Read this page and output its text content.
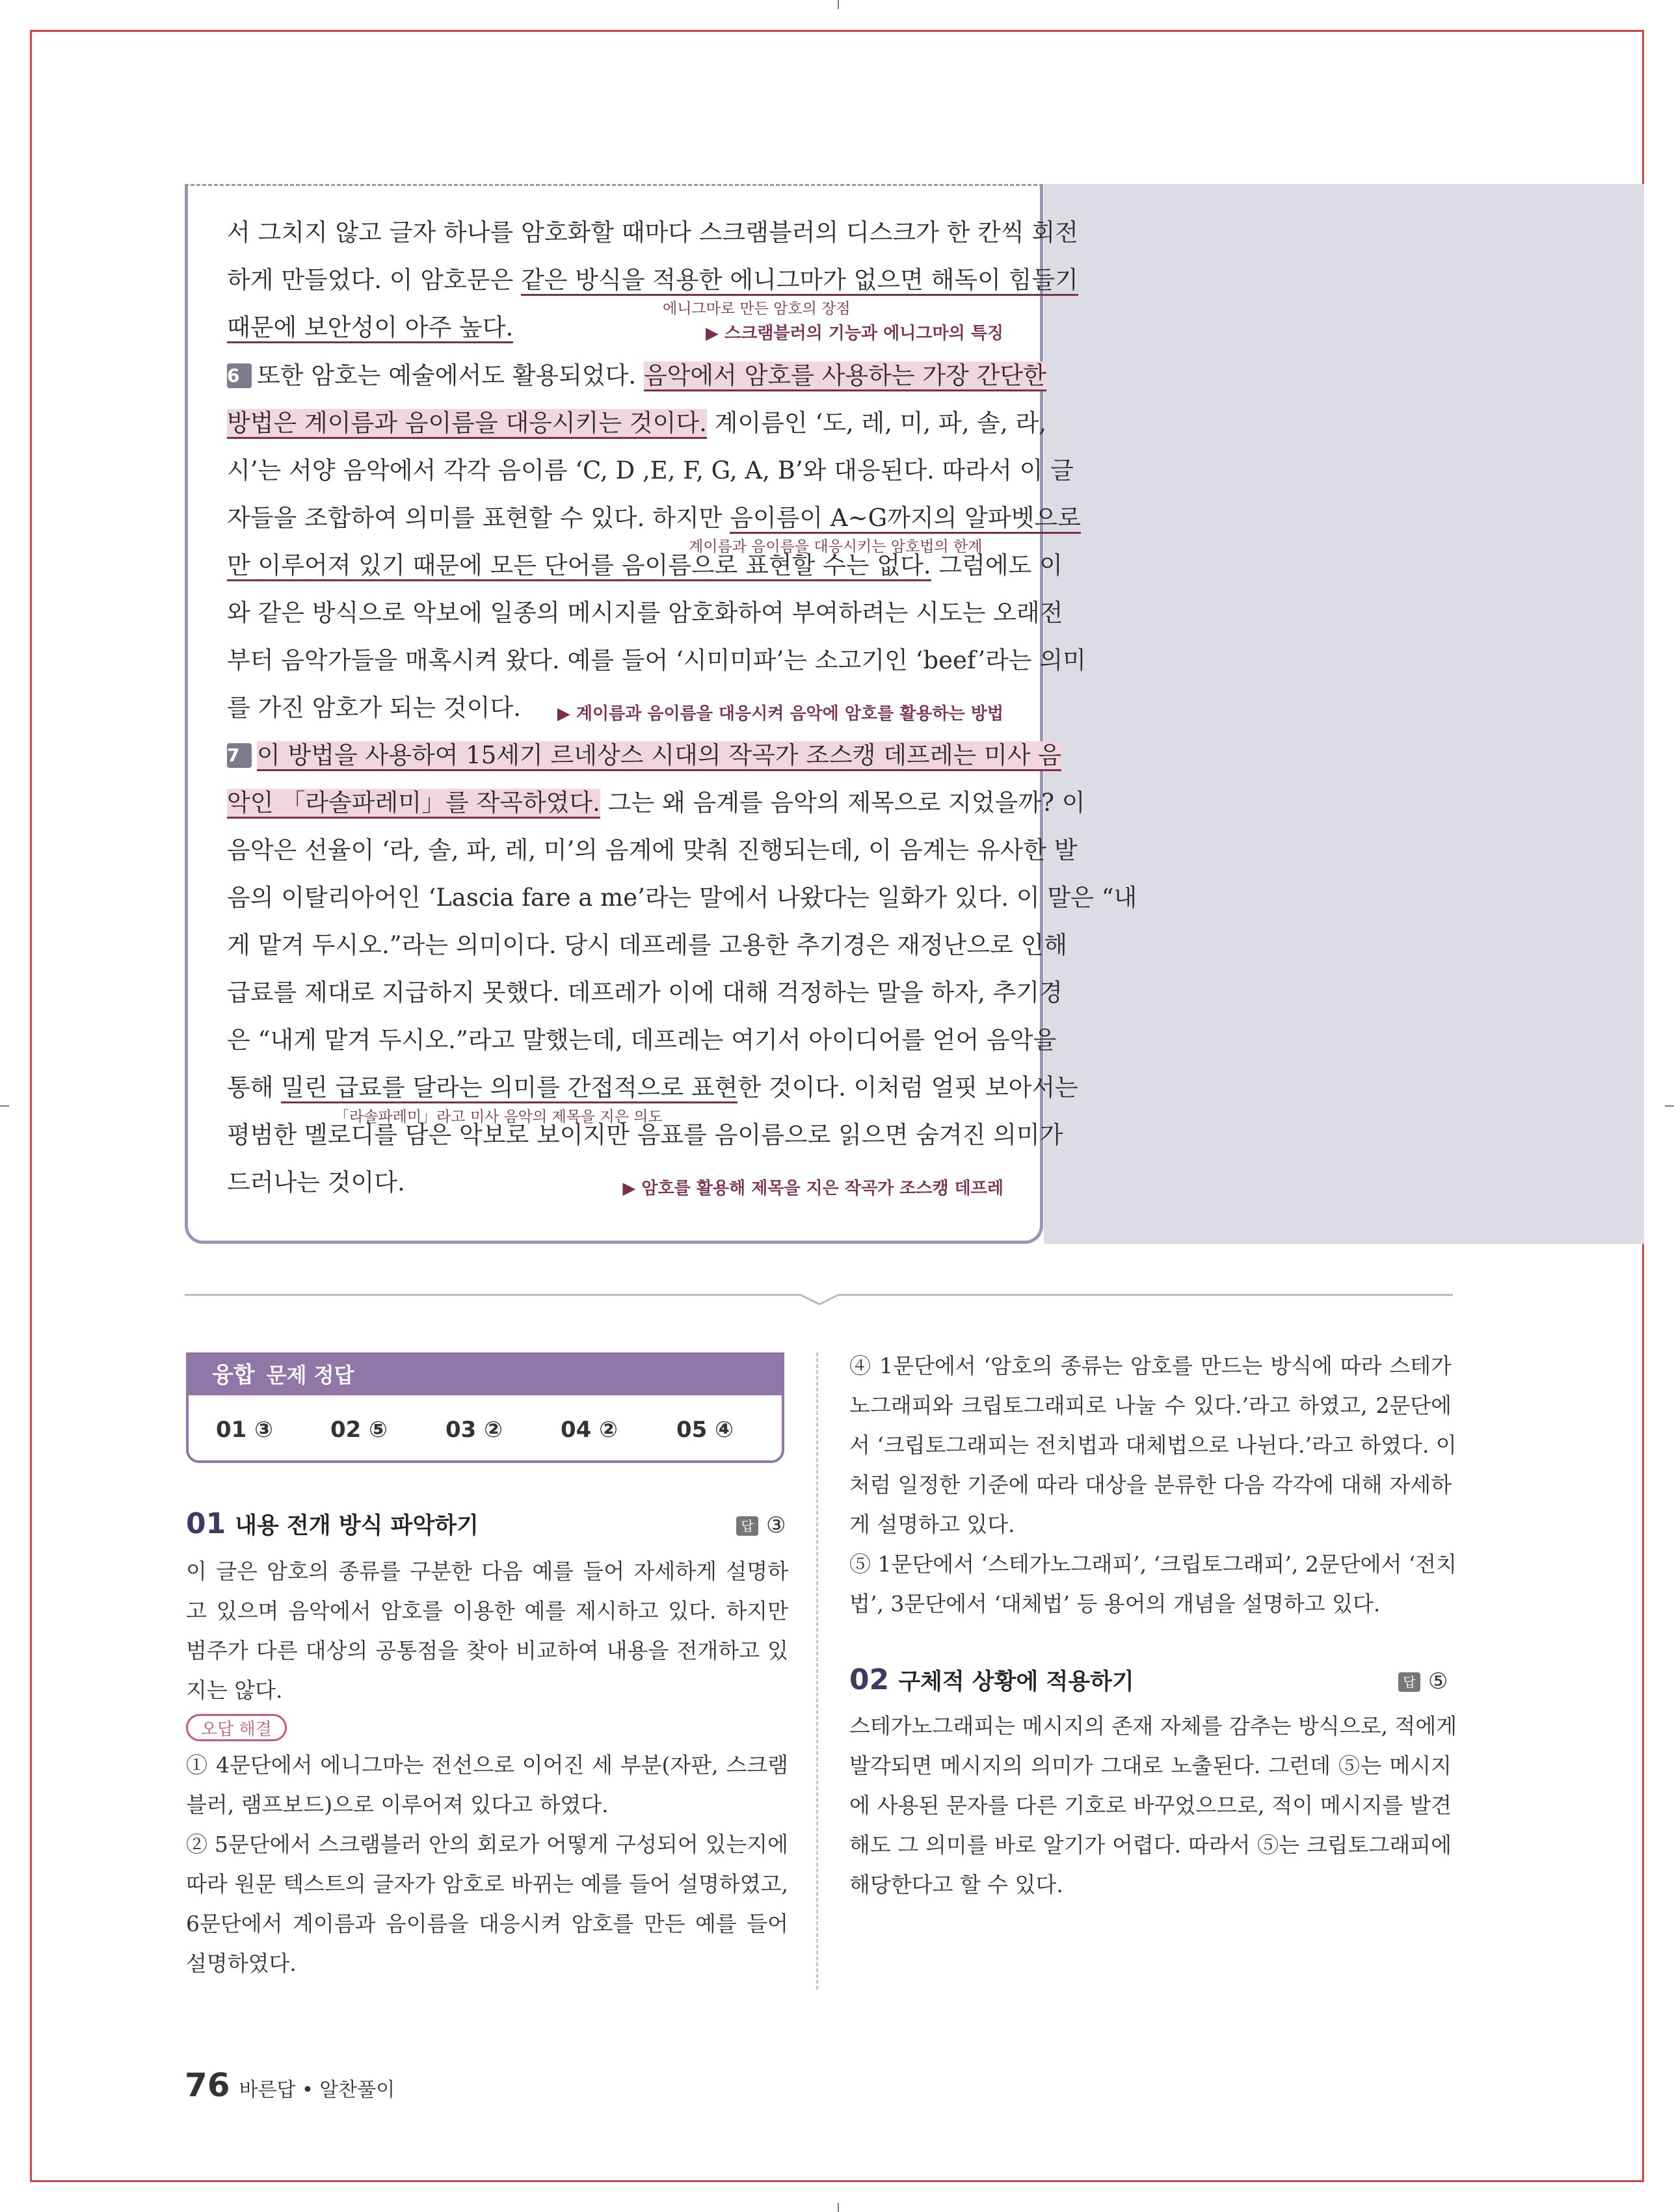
서 그치지 않고 글자 하나를 암호화할 때마다 스크램블러의 디스크가 한 칸씩 회전
하게 만들었다. 이 암호문은 같은 방식을 적용한 에니그마가 없으면 해독이 힘들기
에니그마로 만든 암호의 장점
때문에 보안성이 아주 높다.	▶ 스크램블러의 기능과 에니그마의 특징
6 또한 암호는 예술에서도 활용되었다. 음악에서 암호를 사용하는 가장 간단한
방법은 계이름과 음이름을 대응시키는 것이다. 계이름인 ‘도, 레, 미, 파, 솔, 라,
시’는 서양 음악에서 각각 음이름 ‘C, D ,E, F, G, A, B’와 대응된다. 따라서 이 글
자들을 조합하여 의미를 표현할 수 있다. 하지만 음이름이 A~G까지의 알파벳으로
계이름과 음이름을 대응시키는 암호법의 한계
만 이루어져 있기 때문에 모든 단어를 음이름으로 표현할 수는 없다. 그럼에도 이
와 같은 방식으로 악보에 일종의 메시지를 암호화하여 부여하려는 시도는 오래전
부터 음악가들을 매혹시켜 왔다. 예를 들어 ‘시미미파’는 소고기인 ‘beef’라는 의미
를 가진 암호가 되는 것이다.	▶ 계이름과 음이름을 대응시켜 음악에 암호를 활용하는 방법
7 이 방법을 사용하여 15세기 르네상스 시대의 작곡가 조스캥 데프레는 미사 음
악인 「라솔파레미」를 작곡하였다. 그는 왜 음계를 음악의 제목으로 지었을까? 이
음악은 선율이 ‘라, 솔, 파, 레, 미’의 음계에 맞춰 진행되는데, 이 음계는 유사한 발
음의 이탈리아어인 ‘Lascia fare a me’라는 말에서 나왔다는 일화가 있다. 이 말은 “내
게 맡겨 두시오.”라는 의미이다. 당시 데프레를 고용한 추기경은 재정난으로 인해
급료를 제대로 지급하지 못했다. 데프레가 이에 대해 걱정하는 말을 하자, 추기경
은 “내게 맡겨 두시오.”라고 말했는데, 데프레는 여기서 아이디어를 얻어 음악을
통해 밀린 급료를 달라는 의미를 간접적으로 표현한 것이다. 이처럼 얼핏 보아서는
「라솔파레미」라고 미사 음악의 제목을 지은 의도
평범한 멜로디를 담은 악보로 보이지만 음표를 음이름으로 읽으면 숨겨진 의미가
드러나는 것이다.	▶ 암호를 활용해 제목을 지은 작곡가 조스캥 데프레
융합 문제 정답
01 ③	02 ⑤	03 ②	04 ②	05 ④
01 내용 전개 방식 파악하기	답 ③
이 글은 암호의 종류를 구분한 다음 예를 들어 자세하게 설명하
고 있으며 음악에서 암호를 이용한 예를 제시하고 있다. 하지만
범주가 다른 대상의 공통점을 찾아 비교하여 내용을 전개하고 있
지는 않다.
오답 해결
① 4문단에서 에니그마는 전선으로 이어진 세 부분(자판, 스크램
블러, 램프보드)으로 이루어져 있다고 하였다.
② 5문단에서 스크램블러 안의 회로가 어떻게 구성되어 있는지에
따라 원문 텍스트의 글자가 암호로 바뀌는 예를 들어 설명하였고,
6문단에서 계이름과 음이름을 대응시켜 암호를 만든 예를 들어
설명하였다.
④ 1문단에서 ‘암호의 종류는 암호를 만드는 방식에 따라 스테가
노그래피와 크립토그래피로 나눌 수 있다.’라고 하였고, 2문단에
서 ‘크립토그래피는 전치법과 대체법으로 나뉜다.’라고 하였다. 이
처럼 일정한 기준에 따라 대상을 분류한 다음 각각에 대해 자세하
게 설명하고 있다.
⑤ 1문단에서 ‘스테가노그래피’, ‘크립토그래피’, 2문단에서 ‘전치
법’, 3문단에서 ‘대체법’ 등 용어의 개념을 설명하고 있다.
02 구체적 상황에 적용하기	답 ⑤
스테가노그래피는 메시지의 존재 자체를 감추는 방식으로, 적에게
발각되면 메시지의 의미가 그대로 노출된다. 그런데 ⑤는 메시지
에 사용된 문자를 다른 기호로 바꾸었으므로, 적이 메시지를 발견
해도 그 의미를 바로 알기가 어렵다. 따라서 ⑤는 크립토그래피에
해당한다고 할 수 있다.
76 바른답 • 알찬풀이
